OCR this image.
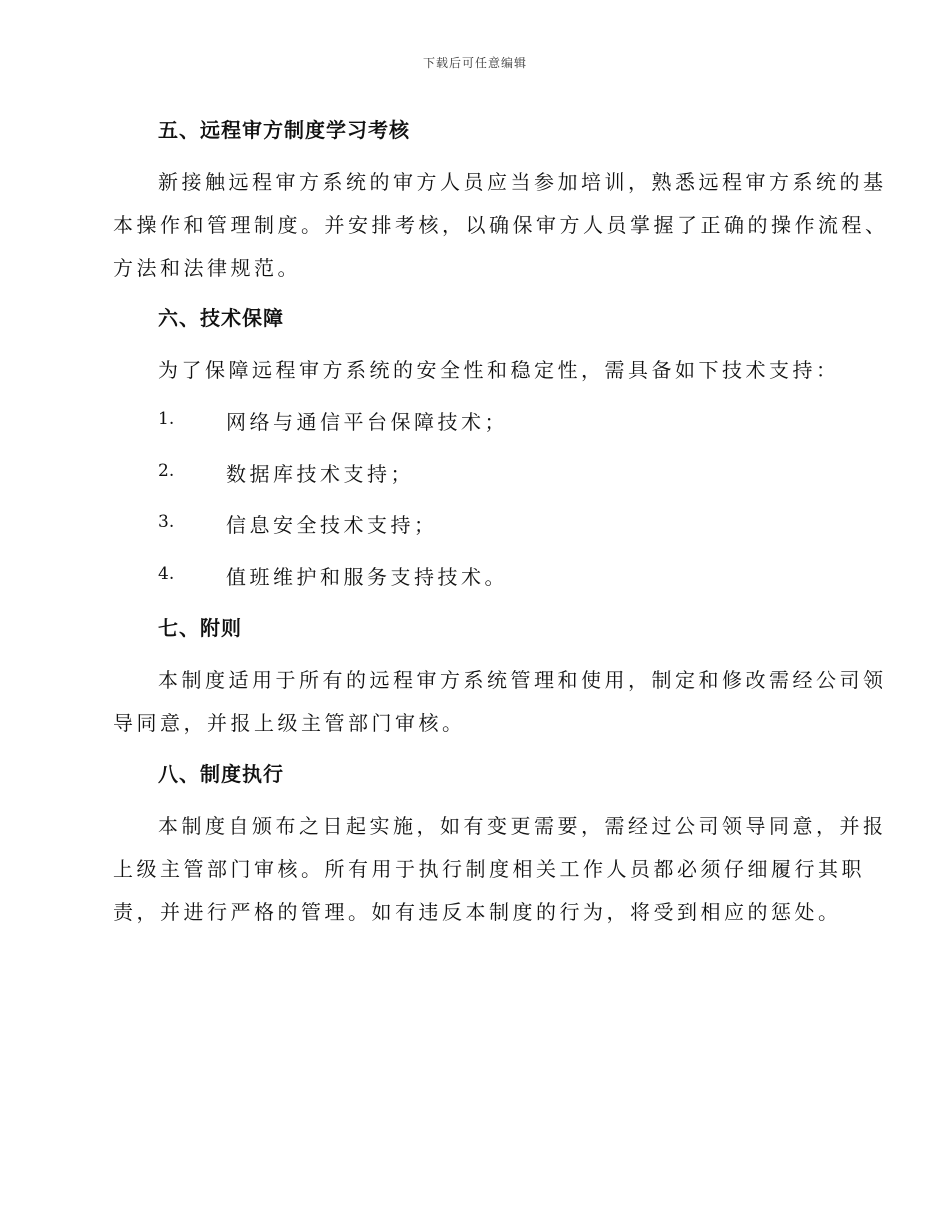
下载后可任意编辑
五、远程审方制度学习考核
新接触远程审方系统的审方人员应当参加培训，熟悉远程审方系统的基
本操作和管理制度。并安排考核，以确保审方人员掌握了正确的操作流程、
方法和法律规范。
六、技术保障
为了保障远程审方系统的安全性和稳定性，需具备如下技术支持：
1.	网络与通信平台保障技术；
2.	数据库技术支持；
3.	信息安全技术支持；
4.	值班维护和服务支持技术。
七、附则
本制度适用于所有的远程审方系统管理和使用，制定和修改需经公司领
导同意，并报上级主管部门审核。
八、制度执行
本制度自颁布之日起实施，如有变更需要，需经过公司领导同意，并报
上级主管部门审核。所有用于执行制度相关工作人员都必须仔细履行其职
责，并进行严格的管理。如有违反本制度的行为，将受到相应的惩处。
